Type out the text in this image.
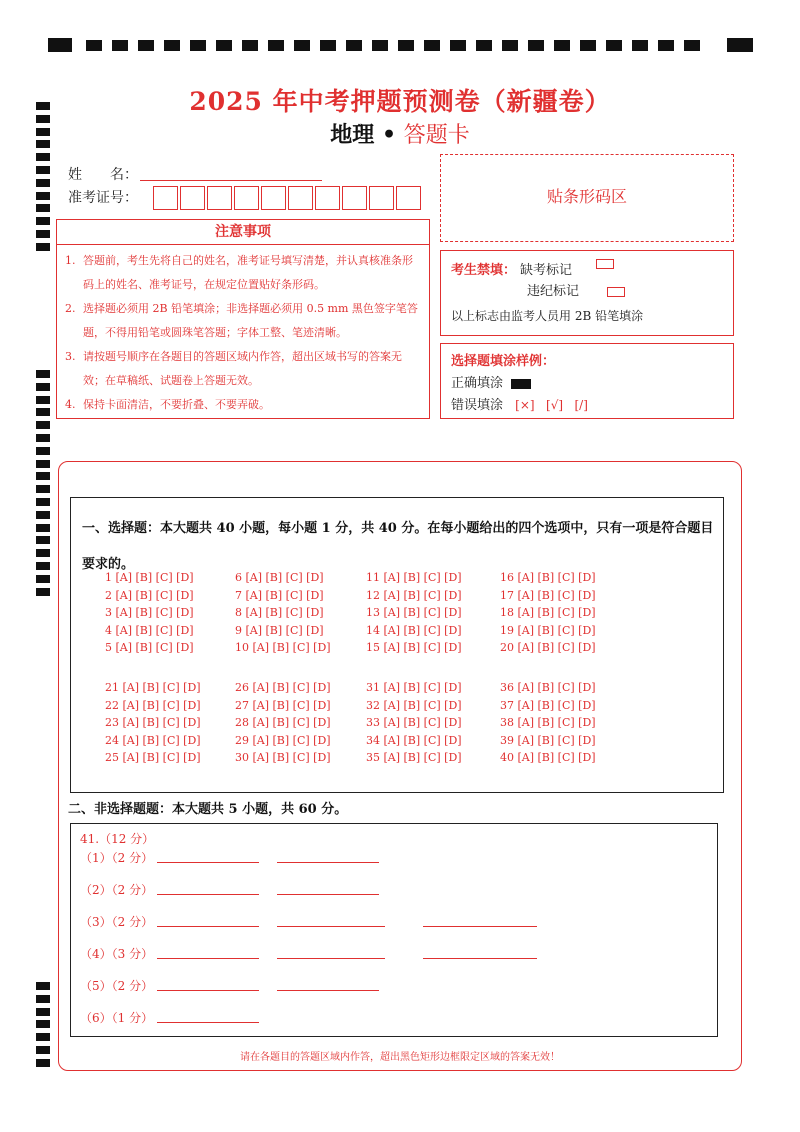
2025 年中考押题预测卷（新疆卷）
地理 • 答题卡
姓　　名：
准考证号：	贴条形码区
注意事项
1. 答题前，考生先将自己的姓名，准考证号填写清楚，并认真核准条形码上的姓名、准考证号，在规定位置贴好条形码。
2. 选择题必须用 2B 铅笔填涂；非选择题必须用 0.5 mm 黑色签字笔答题，不得用铅笔或圆珠笔答题；字体工整、笔迹清晰。
3. 请按题号顺序在各题目的答题区域内作答，超出区域书写的答案无效；在草稿纸、试题卷上答题无效。
4. 保持卡面清洁，不要折叠、不要弄破。
考生禁填： 缺考标记
违纪标记
以上标志由监考人员用 2B 铅笔填涂
选择题填涂样例：
正确填涂
错误填涂 [×]   [√]   [/]
一、选择题：本大题共 40 小题，每小题 1 分，共 40 分。在每小题给出的四个选项中，只有一项是符合题目要求的。
1 [A] [B] [C] [D]
2 [A] [B] [C] [D]
3 [A] [B] [C] [D]
4 [A] [B] [C] [D]
5 [A] [B] [C] [D]
6 [A] [B] [C] [D]
7 [A] [B] [C] [D]
8 [A] [B] [C] [D]
9 [A] [B] [C] [D]
10 [A] [B] [C] [D]
11 [A] [B] [C] [D]
12 [A] [B] [C] [D]
13 [A] [B] [C] [D]
14 [A] [B] [C] [D]
15 [A] [B] [C] [D]
16 [A] [B] [C] [D]
17 [A] [B] [C] [D]
18 [A] [B] [C] [D]
19 [A] [B] [C] [D]
20 [A] [B] [C] [D]
21 [A] [B] [C] [D]
22 [A] [B] [C] [D]
23 [A] [B] [C] [D]
24 [A] [B] [C] [D]
25 [A] [B] [C] [D]
26 [A] [B] [C] [D]
27 [A] [B] [C] [D]
28 [A] [B] [C] [D]
29 [A] [B] [C] [D]
30 [A] [B] [C] [D]
31 [A] [B] [C] [D]
32 [A] [B] [C] [D]
33 [A] [B] [C] [D]
34 [A] [B] [C] [D]
35 [A] [B] [C] [D]
36 [A] [B] [C] [D]
37 [A] [B] [C] [D]
38 [A] [B] [C] [D]
39 [A] [B] [C] [D]
40 [A] [B] [C] [D]
二、非选择题题：本大题共 5 小题，共 60 分。
41.（12 分）
（1）（2 分）
（2）（2 分）
（3）（2 分）
（4）（3 分）
（5）（2 分）
（6）（1 分）
请在各题目的答题区域内作答，超出黑色矩形边框限定区域的答案无效！
